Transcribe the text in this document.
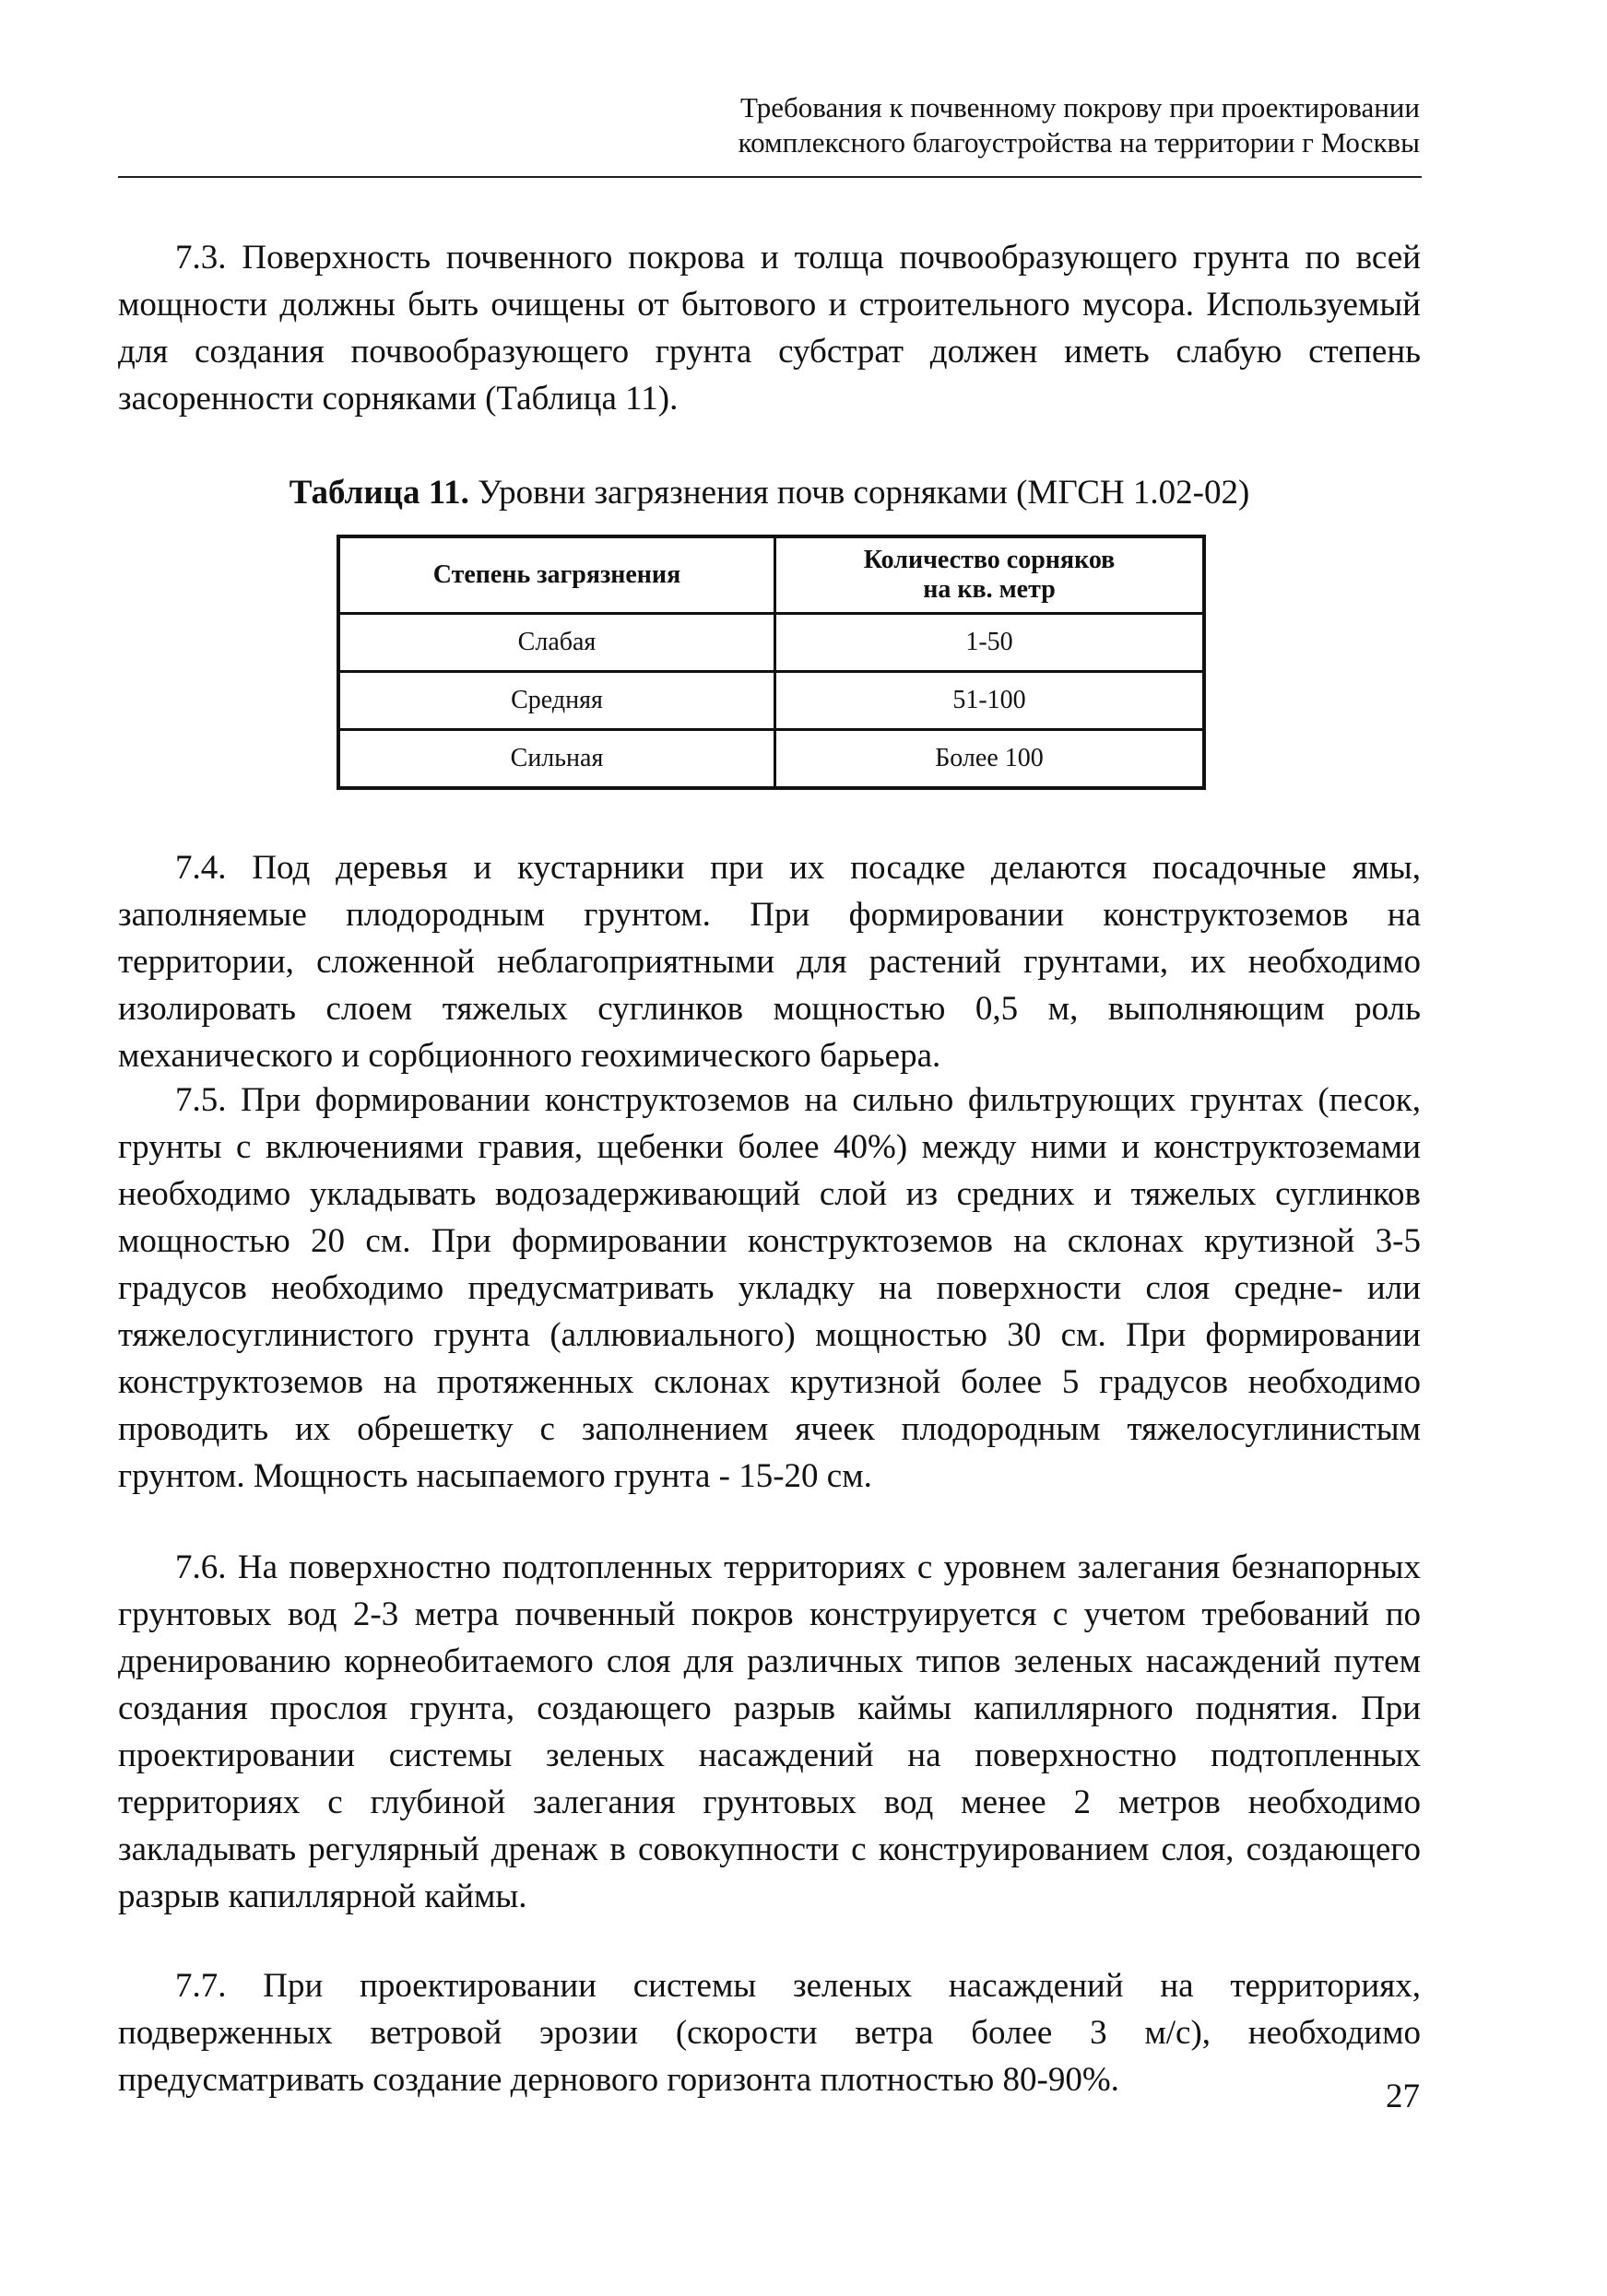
Требования к почвенному покрову при проектировании
комплексного благоустройства на территории г Москвы

7.3. Поверхность почвенного покрова и толща почвообразующего грунта по всей мощности должны быть очищены от бытового и строительного мусора. Используемый для создания почвообразующего грунта субстрат должен иметь слабую степень засоренности сорняками (Таблица 11).

Таблица 11. Уровни загрязнения почв сорняками (МГСН 1.02-02)

Степень загрязнения	Количество сорняков
на кв. метр

Слабая	1-50
Средняя	51-100
Сильная	Более 100

7.4. Под деревья и кустарники при их посадке делаются посадочные ямы, заполняемые плодородным грунтом. При формировании конструктоземов на территории, сложенной неблагоприятными для растений грунтами, их необходимо изолировать слоем тяжелых суглинков мощностью 0,5 м, выполняющим роль механического и сорбционного геохимического барьера.

7.5. При формировании конструктоземов на сильно фильтрующих грунтах (песок, грунты с включениями гравия, щебенки более 40%) между ними и конструктоземами необходимо укладывать водозадерживающий слой из средних и тяжелых суглинков мощностью 20 см. При формировании конструктоземов на склонах крутизной 3-5 градусов необходимо предусматривать укладку на поверхности слоя средне- или тяжелосуглинистого грунта (аллювиального) мощностью 30 см. При формировании конструктоземов на протяженных склонах крутизной более 5 градусов необходимо проводить их обрешетку с заполнением ячеек плодородным тяжелосуглинистым грунтом. Мощность насыпаемого грунта - 15-20 см.

7.6. На поверхностно подтопленных территориях с уровнем залегания безнапорных грунтовых вод 2-3 метра почвенный покров конструируется с учетом требований по дренированию корнеобитаемого слоя для различных типов зеленых насаждений путем создания прослоя грунта, создающего разрыв каймы капиллярного поднятия. При проектировании системы зеленых насаждений на поверхностно подтопленных территориях с глубиной залегания грунтовых вод менее 2 метров необходимо закладывать регулярный дренаж в совокупности с конструированием слоя, создающего разрыв капиллярной каймы.

7.7. При проектировании системы зеленых насаждений на территориях, подверженных ветровой эрозии (скорости ветра более 3 м/с), необходимо предусматривать создание дернового горизонта плотностью 80-90%.	27
